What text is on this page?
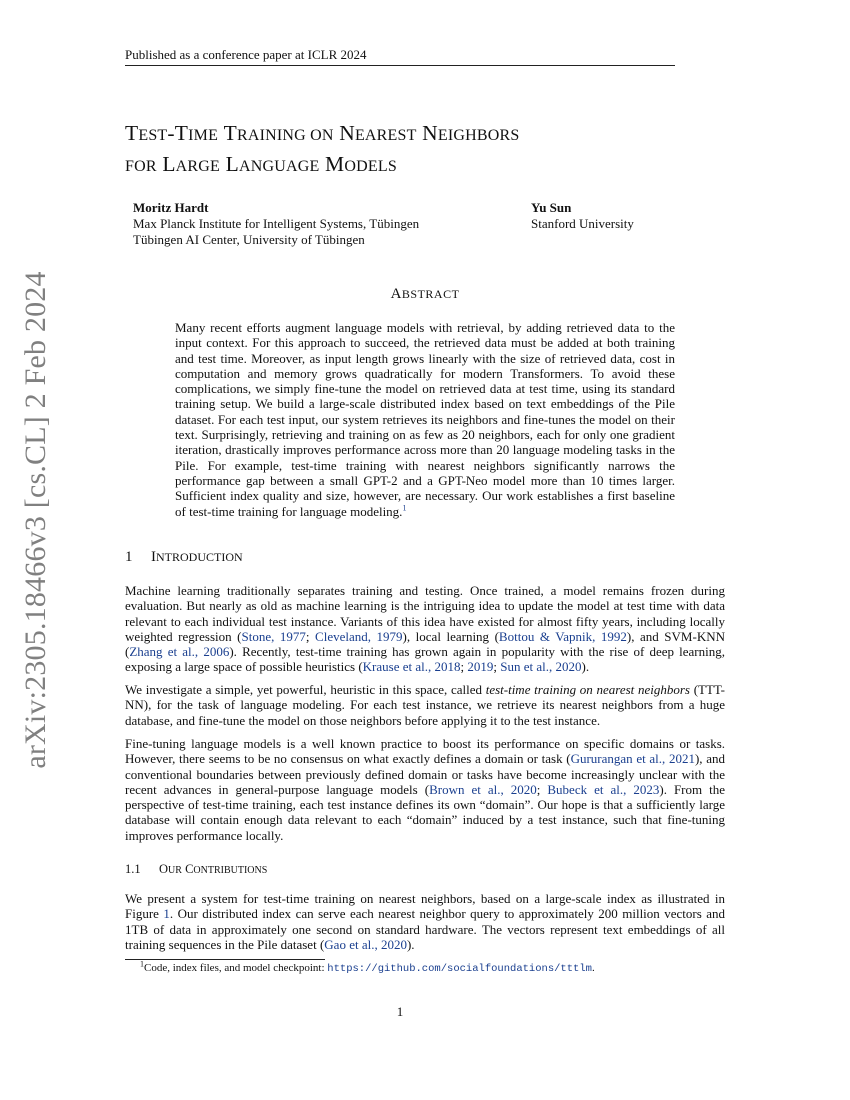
Published as a conference paper at ICLR 2024
arXiv:2305.18466v3 [cs.CL] 2 Feb 2024
TEST-TIME TRAINING ON NEAREST NEIGHBORS
FOR LARGE LANGUAGE MODELS
Moritz Hardt
Max Planck Institute for Intelligent Systems, Tübingen
Tübingen AI Center, University of Tübingen
Yu Sun
Stanford University
ABSTRACT
Many recent efforts augment language models with retrieval, by adding retrieved data to the input context. For this approach to succeed, the retrieved data must be added at both training and test time. Moreover, as input length grows linearly with the size of retrieved data, cost in computation and memory grows quadratically for modern Transformers. To avoid these complications, we simply fine-tune the model on retrieved data at test time, using its standard training setup. We build a large-scale distributed index based on text embeddings of the Pile dataset. For each test input, our system retrieves its neighbors and fine-tunes the model on their text. Surprisingly, retrieving and training on as few as 20 neighbors, each for only one gradient iteration, drastically improves performance across more than 20 language modeling tasks in the Pile. For example, test-time training with nearest neighbors significantly narrows the performance gap between a small GPT-2 and a GPT-Neo model more than 10 times larger. Sufficient index quality and size, however, are necessary. Our work establishes a first baseline of test-time training for language modeling.$^1$
1 INTRODUCTION
Machine learning traditionally separates training and testing. Once trained, a model remains frozen during evaluation. But nearly as old as machine learning is the intriguing idea to update the model at test time with data relevant to each individual test instance. Variants of this idea have existed for almost fifty years, including locally weighted regression (Stone, 1977; Cleveland, 1979), local learning (Bottou & Vapnik, 1992), and SVM-KNN (Zhang et al., 2006). Recently, test-time training has grown again in popularity with the rise of deep learning, exposing a large space of possible heuristics (Krause et al., 2018; 2019; Sun et al., 2020).
We investigate a simple, yet powerful, heuristic in this space, called test-time training on nearest neighbors (TTT-NN), for the task of language modeling. For each test instance, we retrieve its nearest neighbors from a huge database, and fine-tune the model on those neighbors before applying it to the test instance.
Fine-tuning language models is a well known practice to boost its performance on specific domains or tasks. However, there seems to be no consensus on what exactly defines a domain or task (Gururangan et al., 2021), and conventional boundaries between previously defined domain or tasks have become increasingly unclear with the recent advances in general-purpose language models (Brown et al., 2020; Bubeck et al., 2023). From the perspective of test-time training, each test instance defines its own “domain”. Our hope is that a sufficiently large database will contain enough data relevant to each “domain” induced by a test instance, such that fine-tuning improves performance locally.
1.1 OUR CONTRIBUTIONS
We present a system for test-time training on nearest neighbors, based on a large-scale index as illustrated in Figure 1. Our distributed index can serve each nearest neighbor query to approximately 200 million vectors and 1TB of data in approximately one second on standard hardware. The vectors represent text embeddings of all training sequences in the Pile dataset (Gao et al., 2020).
$^1$Code, index files, and model checkpoint: https://github.com/socialfoundations/tttlm.
1
